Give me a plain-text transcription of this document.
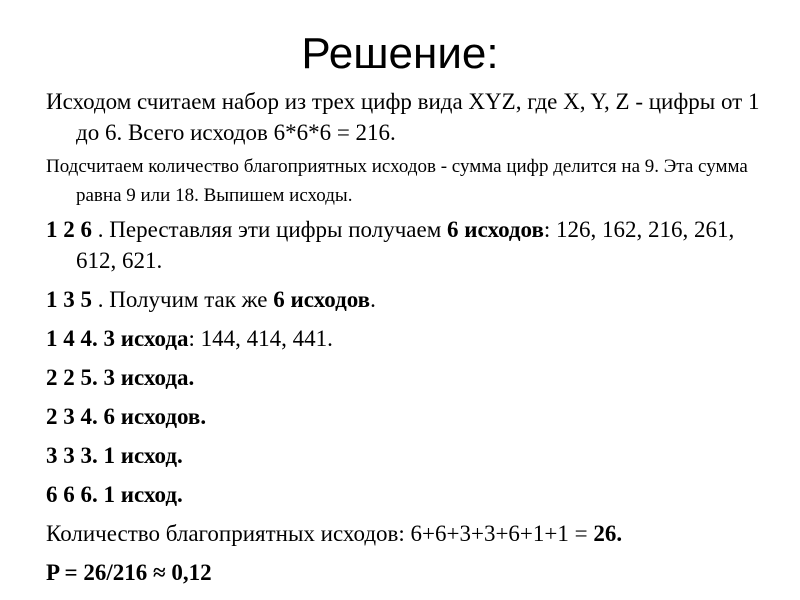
Решение:

Исходом считаем набор из трех цифр вида XYZ, где X, Y, Z - цифры от 1 до 6. Всего исходов 6*6*6 = 216.

Подсчитаем количество благоприятных исходов - сумма цифр делится на 9. Эта сумма равна 9 или 18. Выпишем исходы.

1 2 6 . Переставляя эти цифры получаем 6 исходов: 126, 162, 216, 261, 612, 621.

1 3 5 . Получим так же 6 исходов.

1 4 4. 3 исхода: 144, 414, 441.

2 2 5. 3 исхода.

2 3 4. 6 исходов.

3 3 3. 1 исход.

6 6 6. 1 исход.

Количество благоприятных исходов: 6+6+3+3+6+1+1 = 26.

P = 26/216 ≈ 0,12
